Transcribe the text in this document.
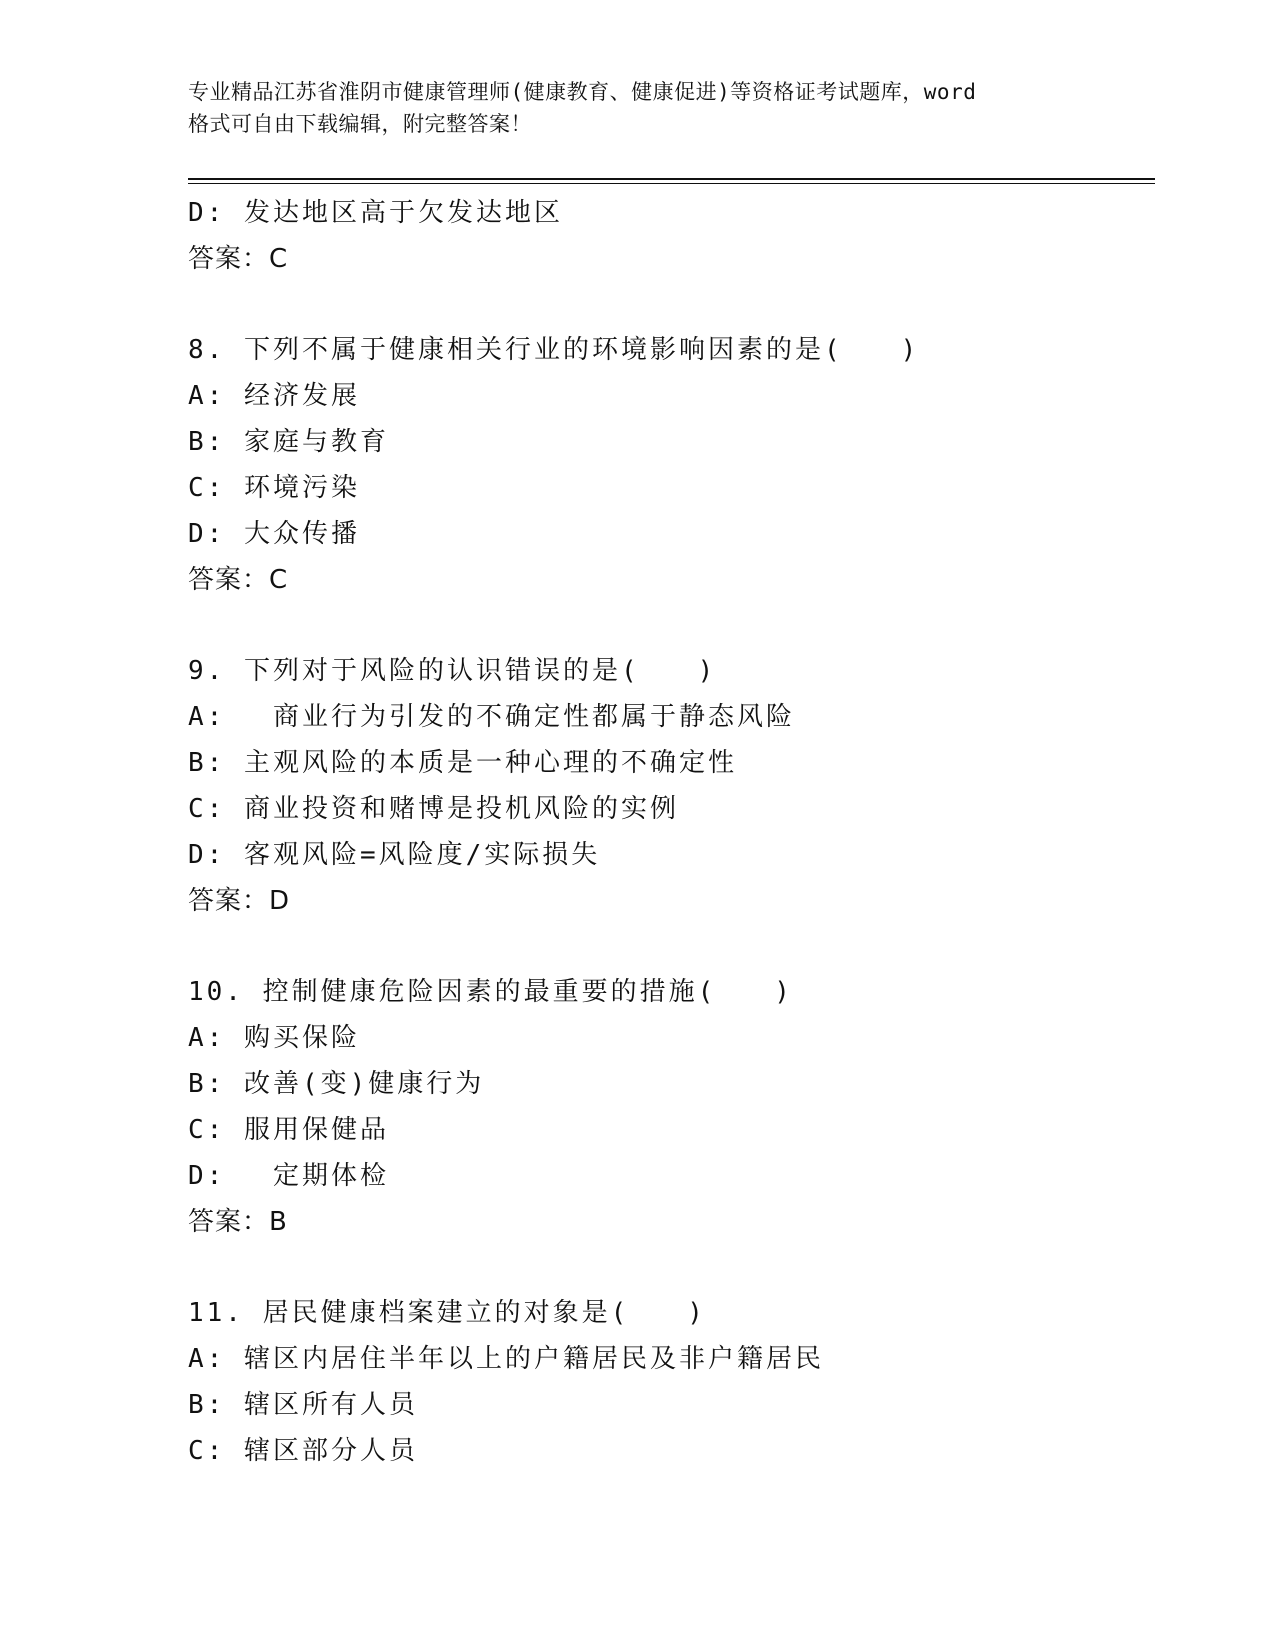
专业精品江苏省淮阴市健康管理师(健康教育、健康促进)等资格证考试题库，word
格式可自由下载编辑，附完整答案！
D: 发达地区高于欠发达地区
答案：C
8. 下列不属于健康相关行业的环境影响因素的是(　　)
A: 经济发展
B: 家庭与教育
C: 环境污染
D: 大众传播
答案：C
9. 下列对于风险的认识错误的是(　　)
A: 　商业行为引发的不确定性都属于静态风险
B: 主观风险的本质是一种心理的不确定性
C: 商业投资和赌博是投机风险的实例
D: 客观风险=风险度/实际损失
答案：D
10. 控制健康危险因素的最重要的措施(　　)
A: 购买保险
B: 改善(变)健康行为
C: 服用保健品
D: 　定期体检
答案：B
11. 居民健康档案建立的对象是(　　)
A: 辖区内居住半年以上的户籍居民及非户籍居民
B: 辖区所有人员
C: 辖区部分人员
